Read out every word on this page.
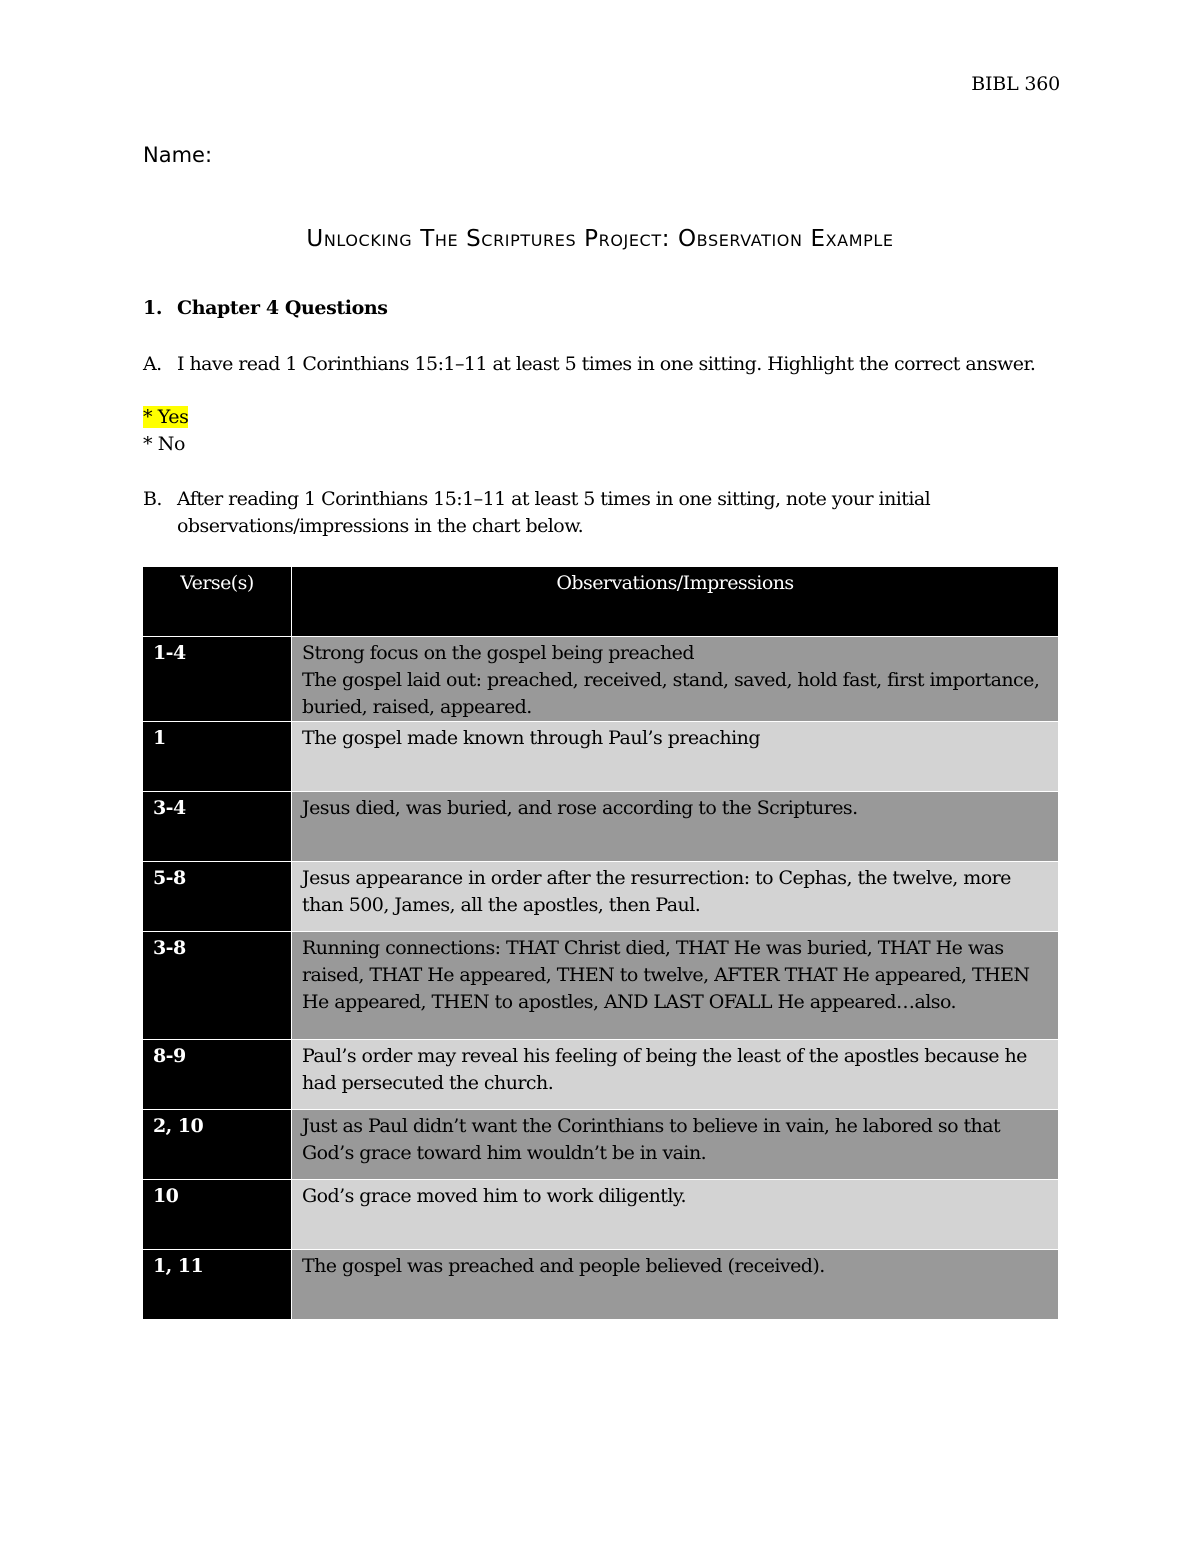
BIBL 360
Name:
Unlocking The Scriptures Project: Observation Example
1. Chapter 4 Questions
A. I have read 1 Corinthians 15:1–11 at least 5 times in one sitting. Highlight the correct answer.
* Yes
* No
B. After reading 1 Corinthians 15:1–11 at least 5 times in one sitting, note your initial observations/impressions in the chart below.
Verse(s)	Observations/Impressions
1-4	Strong focus on the gospel being preached
The gospel laid out: preached, received, stand, saved, hold fast, first importance, buried, raised, appeared.
1	The gospel made known through Paul’s preaching
3-4	Jesus died, was buried, and rose according to the Scriptures.
5-8	Jesus appearance in order after the resurrection: to Cephas, the twelve, more than 500, James, all the apostles, then Paul.
3-8	Running connections: THAT Christ died, THAT He was buried, THAT He was raised, THAT He appeared, THEN to twelve, AFTER THAT He appeared, THEN He appeared, THEN to apostles, AND LAST OFALL He appeared…also.
8-9	Paul’s order may reveal his feeling of being the least of the apostles because he had persecuted the church.
2, 10	Just as Paul didn’t want the Corinthians to believe in vain, he labored so that God’s grace toward him wouldn’t be in vain.
10	God’s grace moved him to work diligently.
1, 11	The gospel was preached and people believed (received).
